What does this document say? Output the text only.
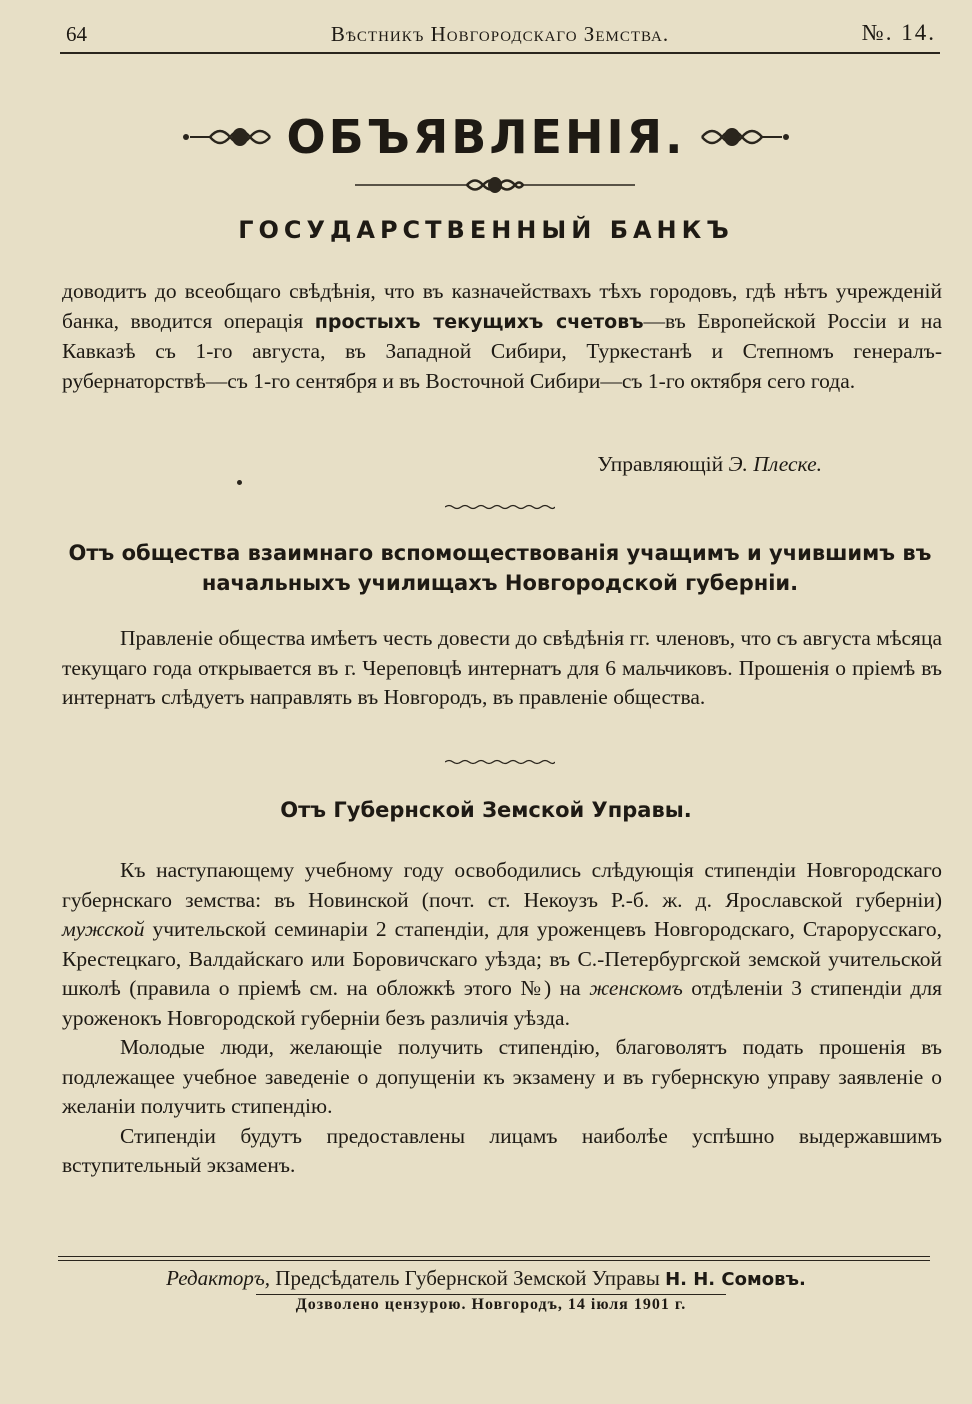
64	Вѣстникъ Новгородскаго Земства.	№. 14.
ОБЪЯВЛЕНІЯ.
ГОСУДАРСТВЕННЫЙ БАНКЪ

доводитъ до всеобщаго свѣдѣнія, что въ казначействахъ тѣхъ городовъ, гдѣ нѣтъ учрежденій банка, вводится операція простыхъ текущихъ счетовъ—въ Европейской Россіи и на Кавказѣ съ 1-го августа, въ Западной Сибири, Туркестанѣ и Степномъ генералъ-рубернаторствѣ—съ 1-го сентября и въ Восточной Сибири—съ 1-го октября сего года.

Управляющій Э. Плеске.
Отъ общества взаимнаго вспомоществованія учащимъ и учившимъ въ
начальныхъ училищахъ Новгородской губерніи.

Правленіе общества имѣетъ честь довести до свѣдѣнія гг. членовъ, что съ августа мѣсяца текущаго года открывается въ г. Череповцѣ интернатъ для 6 мальчиковъ. Прошенія о пріемѣ въ интернатъ слѣдуетъ направлять въ Новгородъ, въ правленіе общества.

Отъ Губернской Земской Управы.

Къ наступающему учебному году освободились слѣдующія стипендіи Новгородскаго губернскаго земства: въ Новинской (почт. ст. Некоузъ Р.-б. ж. д. Ярославской губерніи) мужской учительской семинаріи 2 стапендіи, для уроженцевъ Новгородскаго, Старорусскаго, Крестецкаго, Валдайскаго или Боровичскаго уѣзда; въ С.-Петербургской земской учительской школѣ (правила о пріемѣ см. на обложкѣ этого №) на женскомъ отдѣленіи 3 стипендіи для уроженокъ Новгородской губерніи безъ различія уѣзда.

Молодые люди, желающіе получить стипендію, благоволятъ подать прошенія въ подлежащее учебное заведеніе о допущеніи къ экзамену и въ губернскую управу заявленіе о желаніи получить стипендію.

Стипендіи будутъ предоставлены лицамъ наиболѣе успѣшно выдержавшимъ вступительный экзаменъ.

Редакторъ, Предсѣдатель Губернской Земской Управы Н. Н. Сомовъ.
Дозволено цензурою. Новгородъ, 14 іюля 1901 г.
